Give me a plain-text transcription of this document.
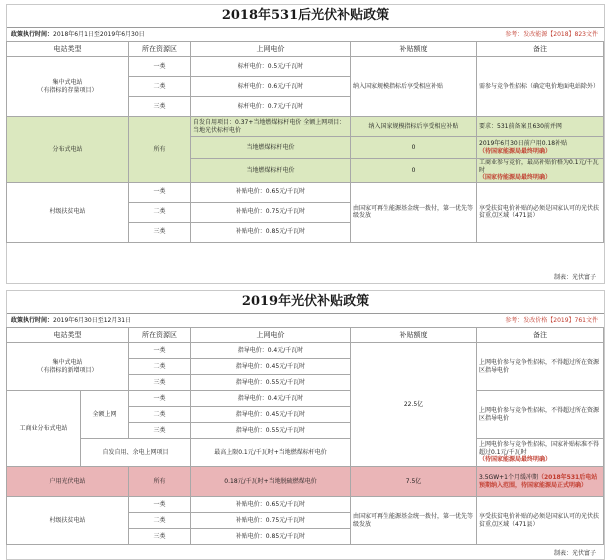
2018年531后光伏补贴政策
政策执行时间：2018年6月1日至2019年6月30日	参考：发改能源【2018】823文件
电站类型	所在资源区	上网电价	补贴额度	备注

集中式电站
（有指标的存量项目）	一类	标杆电价：0.5元/千瓦时	纳入国家规模指标后享受相应补贴	需参与竞争性招标（确定电价地面电站除外）
	二类	标杆电价：0.6元/千瓦时		
	三类	标杆电价：0.7元/千瓦时		
分布式电站	所有	自发自用项目：0.37+当地燃煤标杆电价 全额上网项目：当地光伏标杆电价	纳入国家规模指标后享受相应补贴	要求：531前备案且630前并网
		当地燃煤标杆电价	0	2019年6月30日前户用0.18补贴
（待国家能源局最终明确）

		当地燃煤标杆电价	0	工商业参与竞价，最高补贴价格为0.1元/千瓦时
（国家待能源局最终明确）

村级扶贫电站	一类	补贴电价：0.65元/千瓦时	由国家可再生能源基金统一拨付，第一优先等级发放	享受扶贫电价补贴的必须是国家认可的光伏扶贫重点区域（471县）
	二类	补贴电价：0.75元/千瓦时		
	三类	补贴电价：0.85元/千瓦时		
制表：光伏富子
2019年光伏补贴政策
政策执行时间：2019年6月30日至12月31日	参考：发改价格【2019】761文件
电站类型		所在资源区	上网电价	补贴额度	备注

集中式电站
（有指标的新增项目）		一类	指导电价：0.4元/千瓦时	22.5亿	上网电价参与竞争性招标，不得超过所在资源区指导电价
		二类	指导电价：0.45元/千瓦时		
		三类	指导电价：0.55元/千瓦时		
工商业分布式电站	全额上网	一类	指导电价：0.4元/千瓦时		上网电价参与竞争性招标，不得超过所在资源区指导电价
		二类	指导电价：0.45元/千瓦时		
		三类	指导电价：0.55元/千瓦时		
	自发自用、余电上网项目		最高上限0.1元/千瓦时+当地燃煤标杆电价		上网电价参与竞争性招标，国家补贴标准不得超过0.1元/千瓦时
（待国家能源局最终明确）

户用光伏电站		所有	0.18元/千瓦时+当地脱硫燃煤电价	7.5亿	3.5GW+1个月缓冲期（2018年531后电站预期纳入范围，待国家能源局正式明确）
村级扶贫电站		一类	补贴电价：0.65元/千瓦时	由国家可再生能源基金统一拨付，第一优先等级发放	享受扶贫电价补贴的必须是国家认可的光伏扶贫重点区域（471县）
		二类	补贴电价：0.75元/千瓦时		
		三类	补贴电价：0.85元/千瓦时		
制表：光伏富子
